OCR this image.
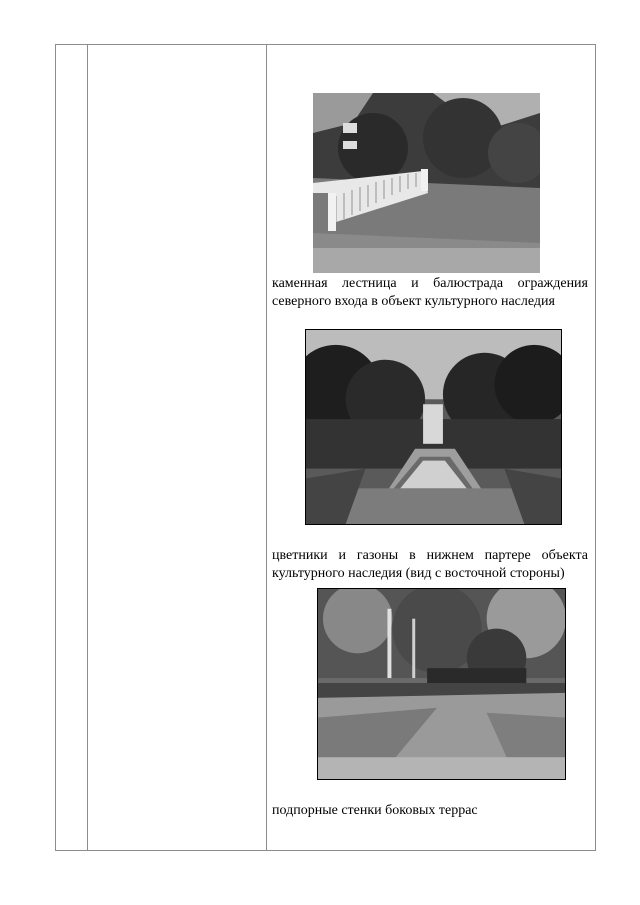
каменная лестница и балюстрада ограждения
северного входа в объект культурного наследия
цветники и газоны в нижнем партере объекта
культурного наследия (вид с восточной стороны)
подпорные стенки боковых террас
